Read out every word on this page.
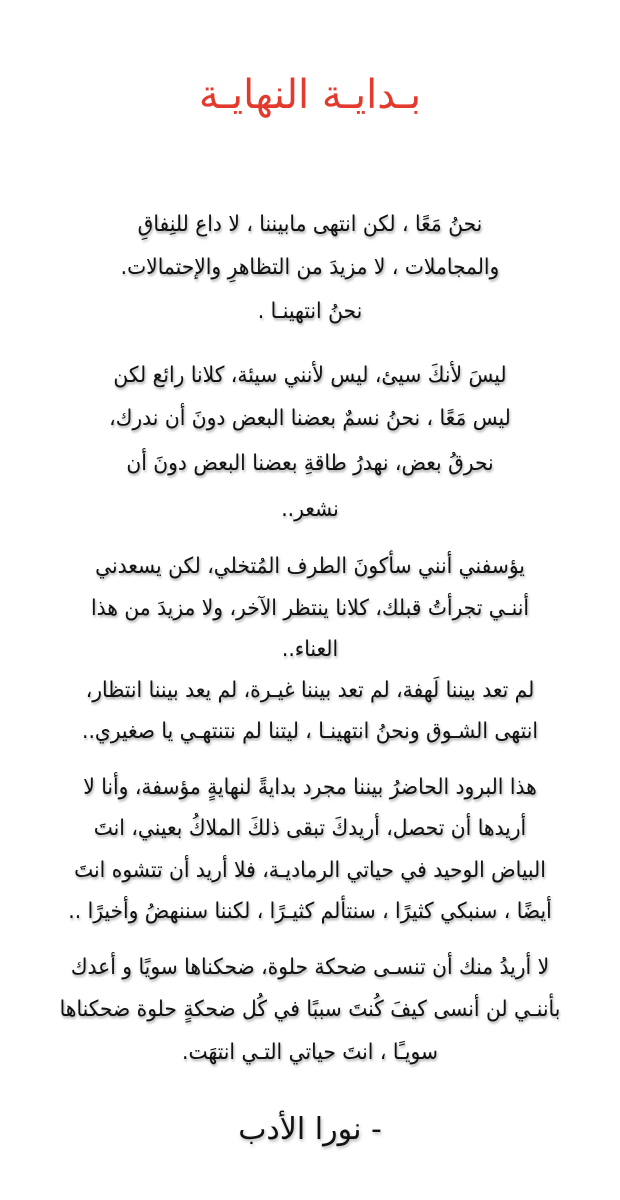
بـدايـة النهايـة
نحنُ مَعًا ، لكن انتهى مابيننا ، لا داع للنِفاقِ
والمجاملات ، لا مزيدَ من التظاهرِ والإحتمالات.
نحنُ انتهينـا .
ليسَ لأنكَ سيئ، ليس لأنني سيئة، كلانا رائع لكن
ليس مَعًا ، نحنُ نسمٌ بعضنا البعض دونَ أن ندرك،
نحرقُ بعض، نهدرُ طاقةِ بعضنا البعض دونَ أن
نشعر..
يؤسفني أنني سأكونَ الطرف المُتخلي، لكن يسعدني
أننـي تجرأتُ قبلك، كلانا ينتظر الآخر، ولا مزيدَ من هذا
العناء..
لم تعد بيننا لَهفة، لم تعد بيننا غيـرة، لم يعد بيننا انتظار،
انتهى الشـوق ونحنُ انتهينـا ، ليتنا لم نتنتهـي يا صغيري..
هذا البرود الحاضرُ بيننا مجرد بدايةً لنهايةٍ مؤسفة، وأنا لا
أريدها أن تحصل، أريدكَ تبقى ذلكَ الملاكُ بعيني، انتَ
البياض الوحيد في حياتي الرماديـة، فلا أريد أن تتشوه انتَ
أيضًا ، سنبكي كثيرًا ، سنتألم كثيـرًا ، لكننا سننهضُ وأخيرًا ..
لا أريدُ منك أن تنسـى ضحكة حلوة، ضحكناها سويًا و أعدك
بأننـي لن أنسى كيفَ كُنتَ سببًا في كُل ضحكةٍ حلوة ضحكناها
سويـًا ، انتَ حياتي التـي انتهَت.
- نورا الأدب
